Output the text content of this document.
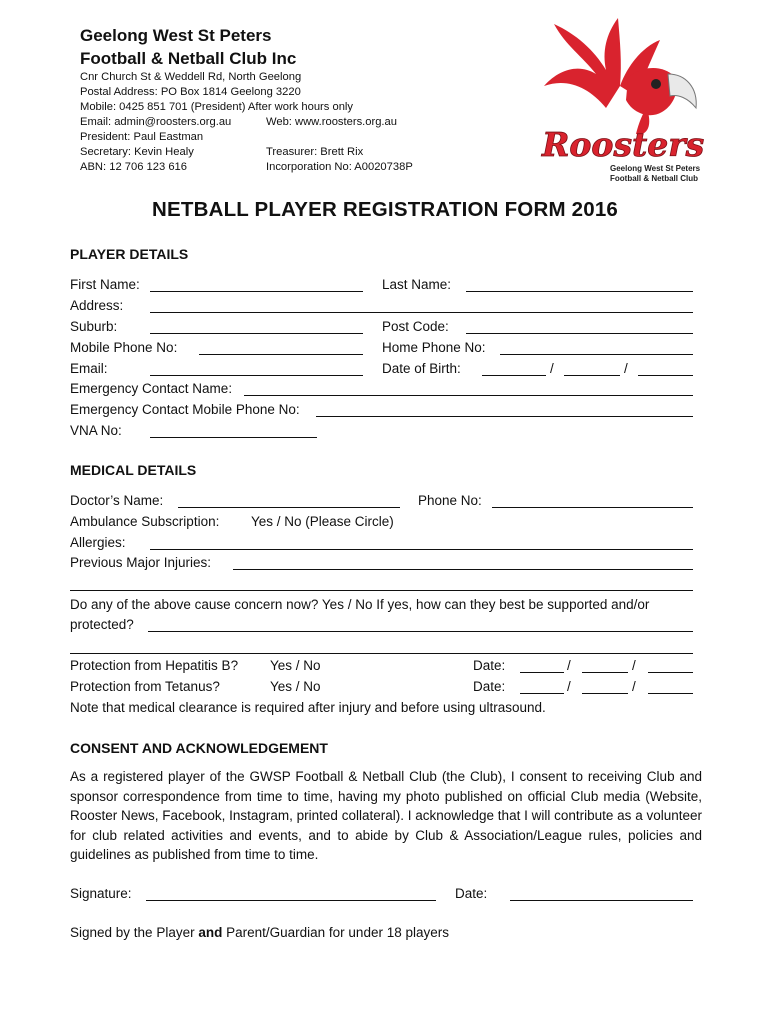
Geelong West St Peters
Football & Netball Club Inc
Cnr Church St & Weddell Rd, North Geelong
Postal Address: PO Box 1814 Geelong 3220
Mobile: 0425 851 701 (President) After work hours only
Email: admin@roosters.org.au	Web: www.roosters.org.au
President: Paul Eastman
Secretary: Kevin Healy	Treasurer: Brett Rix
ABN: 12 706 123 616	Incorporation No: A0020738P
Roosters
Geelong West St Peters
Football & Netball Club
NETBALL PLAYER REGISTRATION FORM 2016
PLAYER DETAILS
First Name:	Last Name:
Address:
Suburb:	Post Code:
Mobile Phone No:	Home Phone No:
Email:	Date of Birth:	/	/
Emergency Contact Name:
Emergency Contact Mobile Phone No:
VNA No:
MEDICAL DETAILS
Doctor’s Name:	Phone No:
Ambulance Subscription: Yes / No (Please Circle)
Allergies:
Previous Major Injuries:
Do any of the above cause concern now? Yes / No If yes, how can they best be supported and/or
protected?
Protection from Hepatitis B? Yes / No	Date:	/	/
Protection from Tetanus?	Yes / No	Date:	/	/
Note that medical clearance is required after injury and before using ultrasound.
CONSENT AND ACKNOWLEDGEMENT
As a registered player of the GWSP Football & Netball Club (the Club), I consent to receiving Club and sponsor correspondence from time to time, having my photo published on official Club media (Website, Rooster News, Facebook, Instagram, printed collateral). I acknowledge that I will contribute as a volunteer for club related activities and events, and to abide by Club & Association/League rules, policies and guidelines as published from time to time.
Signature:	Date:
Signed by the Player and Parent/Guardian for under 18 players
